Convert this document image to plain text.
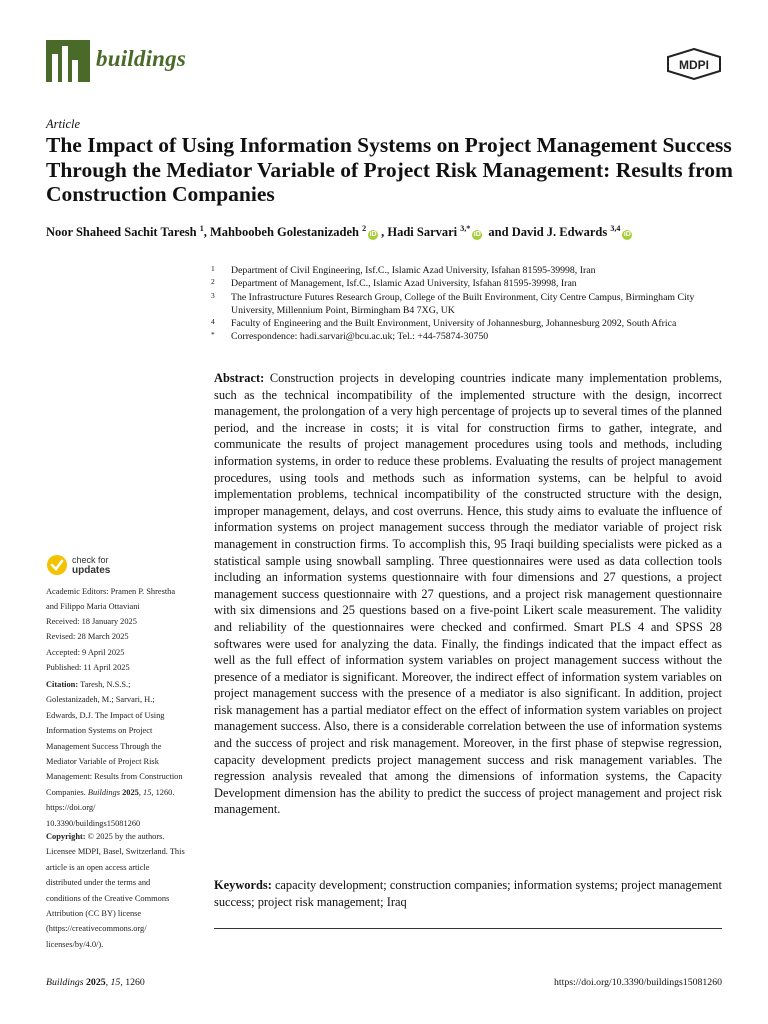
buildings	MDPI
Article
The Impact of Using Information Systems on Project Management Success Through the Mediator Variable of Project Risk Management: Results from Construction Companies
Noor Shaheed Sachit Taresh $^1$, Mahboobeh Golestanizadeh $^2$iD , Hadi Sarvari $^{3,*}$iD and David J. Edwards $^{3,4}$iD
1 Department of Civil Engineering, Isf.C., Islamic Azad University, Isfahan 81595-39998, Iran
2 Department of Management, Isf.C., Islamic Azad University, Isfahan 81595-39998, Iran
3 The Infrastructure Futures Research Group, College of the Built Environment, City Centre Campus, Birmingham City University, Millennium Point, Birmingham B4 7XG, UK
4 Faculty of Engineering and the Built Environment, University of Johannesburg, Johannesburg 2092, South Africa
* Correspondence: hadi.sarvari@bcu.ac.uk; Tel.: +44-75874-30750

Abstract: Construction projects in developing countries indicate many implementation problems, such as the technical incompatibility of the implemented structure with the design, incorrect management, the prolongation of a very high percentage of projects up to several times of the planned period, and the increase in costs; it is vital for construction firms to gather, integrate, and communicate the results of project management procedures using tools and methods, including information systems, in order to reduce these problems. Evaluating the results of project management procedures, using tools and methods such as information systems, can be helpful to avoid implementation problems, technical incompatibility of the constructed structure with the design, improper management, delays, and cost overruns. Hence, this study aims to evaluate the influence of information systems on project management success through the mediator variable of project risk management in construction firms. To accomplish this, 95 Iraqi building specialists were picked as a statistical sample using snowball sampling. Three questionnaires were used as data collection tools including an information systems questionnaire with four dimensions and 27 questions, a project management success questionnaire with 27 questions, and a project risk management questionnaire with six dimensions and 25 questions based on a five-point Likert scale measurement. The validity and reliability of the questionnaires were checked and confirmed. Smart PLS 4 and SPSS 28 softwares were used for analyzing the data. Finally, the findings indicated that the impact effect as well as the full effect of information system variables on project management success without the presence of a mediator is significant. Moreover, the indirect effect of information system variables on project management success with the presence of a mediator is also significant. In addition, project risk management has a partial mediator effect on the effect of information system variables on project management success. Also, there is a considerable correlation between the use of information systems and the success of project and risk management. Moreover, in the first phase of stepwise regression, capacity development predicts project management success and risk management variables. The regression analysis revealed that among the dimensions of information systems, the Capacity Development dimension has the ability to predict the success of project management and project risk management.

Keywords: capacity development; construction companies; information systems; project management success; project risk management; Iraq

check for
updates

Academic Editors: Pramen P. Shrestha and Filippo Maria Ottaviani

Received: 18 January 2025

Revised: 28 March 2025

Accepted: 9 April 2025

Published: 11 April 2025

Citation: Taresh, N.S.S.; Golestanizadeh, M.; Sarvari, H.; Edwards, D.J. The Impact of Using Information Systems on Project Management Success Through the Mediator Variable of Project Risk Management: Results from Construction Companies. Buildings 2025, 15, 1260. https://doi.org/ 10.3390/buildings15081260

Copyright: © 2025 by the authors. Licensee MDPI, Basel, Switzerland. This article is an open access article distributed under the terms and conditions of the Creative Commons Attribution (CC BY) license (https://creativecommons.org/ licenses/by/4.0/).

Buildings 2025, 15, 1260	https://doi.org/10.3390/buildings15081260
